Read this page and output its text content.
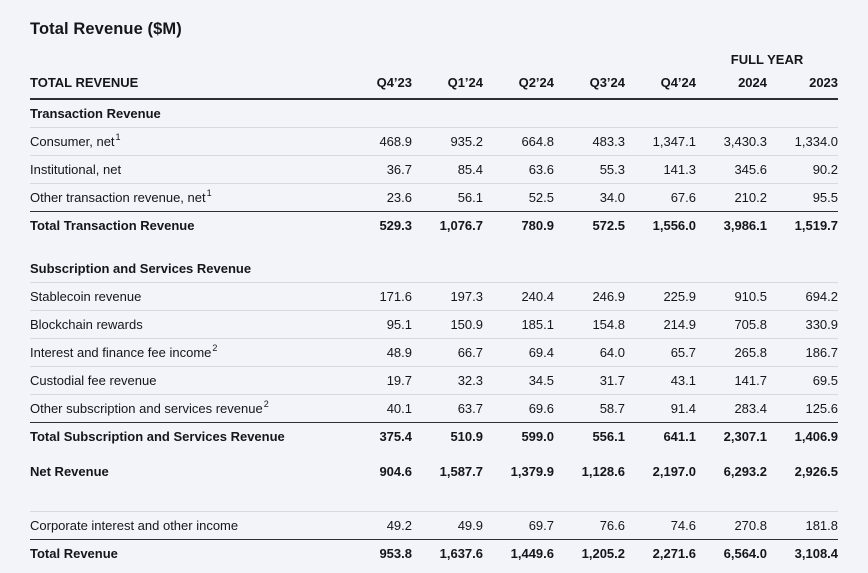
Total Revenue ($M)
						FULL YEAR	
TOTAL REVENUE	Q4’23	Q1’24	Q2’24	Q3’24	Q4’24	2024	2023
Transaction Revenue							
Consumer, net$^1$	468.9	935.2	664.8	483.3	1,347.1	3,430.3	1,334.0
Institutional, net	36.7	85.4	63.6	55.3	141.3	345.6	90.2
Other transaction revenue, net$^1$	23.6	56.1	52.5	34.0	67.6	210.2	95.5
Total Transaction Revenue	529.3	1,076.7	780.9	572.5	1,556.0	3,986.1	1,519.7

Subscription and Services Revenue							
Stablecoin revenue	171.6	197.3	240.4	246.9	225.9	910.5	694.2
Blockchain rewards	95.1	150.9	185.1	154.8	214.9	705.8	330.9
Interest and finance fee income$^2$	48.9	66.7	69.4	64.0	65.7	265.8	186.7
Custodial fee revenue	19.7	32.3	34.5	31.7	43.1	141.7	69.5
Other subscription and services revenue$^2$	40.1	63.7	69.6	58.7	91.4	283.4	125.6
Total Subscription and Services Revenue	375.4	510.9	599.0	556.1	641.1	2,307.1	1,406.9

Net Revenue	904.6	1,587.7	1,379.9	1,128.6	2,197.0	6,293.2	2,926.5

Corporate interest and other income	49.2	49.9	69.7	76.6	74.6	270.8	181.8
Total Revenue	953.8	1,637.6	1,449.6	1,205.2	2,271.6	6,564.0	3,108.4
